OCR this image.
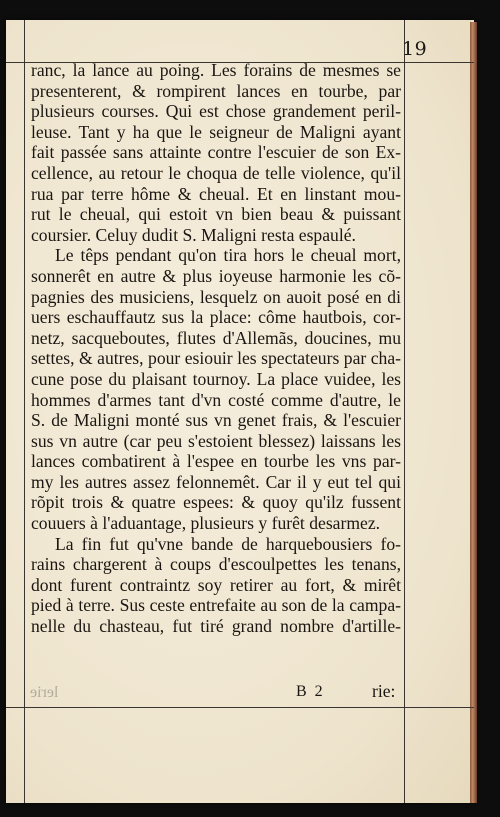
19
ranc, la lance au poing. Les forains de mesmes se
presenterent, & rompirent lances en tourbe, par
plusieurs courses. Qui est chose grandement peril-
leuse. Tant y ha que le seigneur de Maligni ayant
fait passée sans attainte contre l'escuier de son Ex-
cellence, au retour le choqua de telle violence, qu'il
rua par terre hôme & cheual. Et en linstant mou-
rut le cheual, qui estoit vn bien beau & puissant
coursier. Celuy dudit S. Maligni resta espaulé.
Le têps pendant qu'on tira hors le cheual mort,
sonnerêt en autre & plus ioyeuse harmonie les cõ-
pagnies des musiciens, lesquelz on auoit posé en di
uers eschauffautz sus la place: côme hautbois, cor-
netz, sacqueboutes, flutes d'Allemãs, doucines, mu
settes, & autres, pour esiouir les spectateurs par cha-
cune pose du plaisant tournoy. La place vuidee, les
hommes d'armes tant d'vn costé comme d'autre, le
S. de Maligni monté sus vn genet frais, & l'escuier
sus vn autre (car peu s'estoient blessez) laissans les
lances combatirent à l'espee en tourbe les vns par-
my les autres assez felonnemêt. Car il y eut tel qui
rõpit trois & quatre espees: & quoy qu'ilz fussent
couuers à l'aduantage, plusieurs y furêt desarmez.
La fin fut qu'vne bande de harquebousiers fo-
rains chargerent à coups d'escoulpettes les tenans,
dont furent contraintz soy retirer au fort, & mirêt
pied à terre. Sus ceste entrefaite au son de la campa-
nelle du chasteau, fut tiré grand nombre d'artille-
lerie	B 2	rie:
